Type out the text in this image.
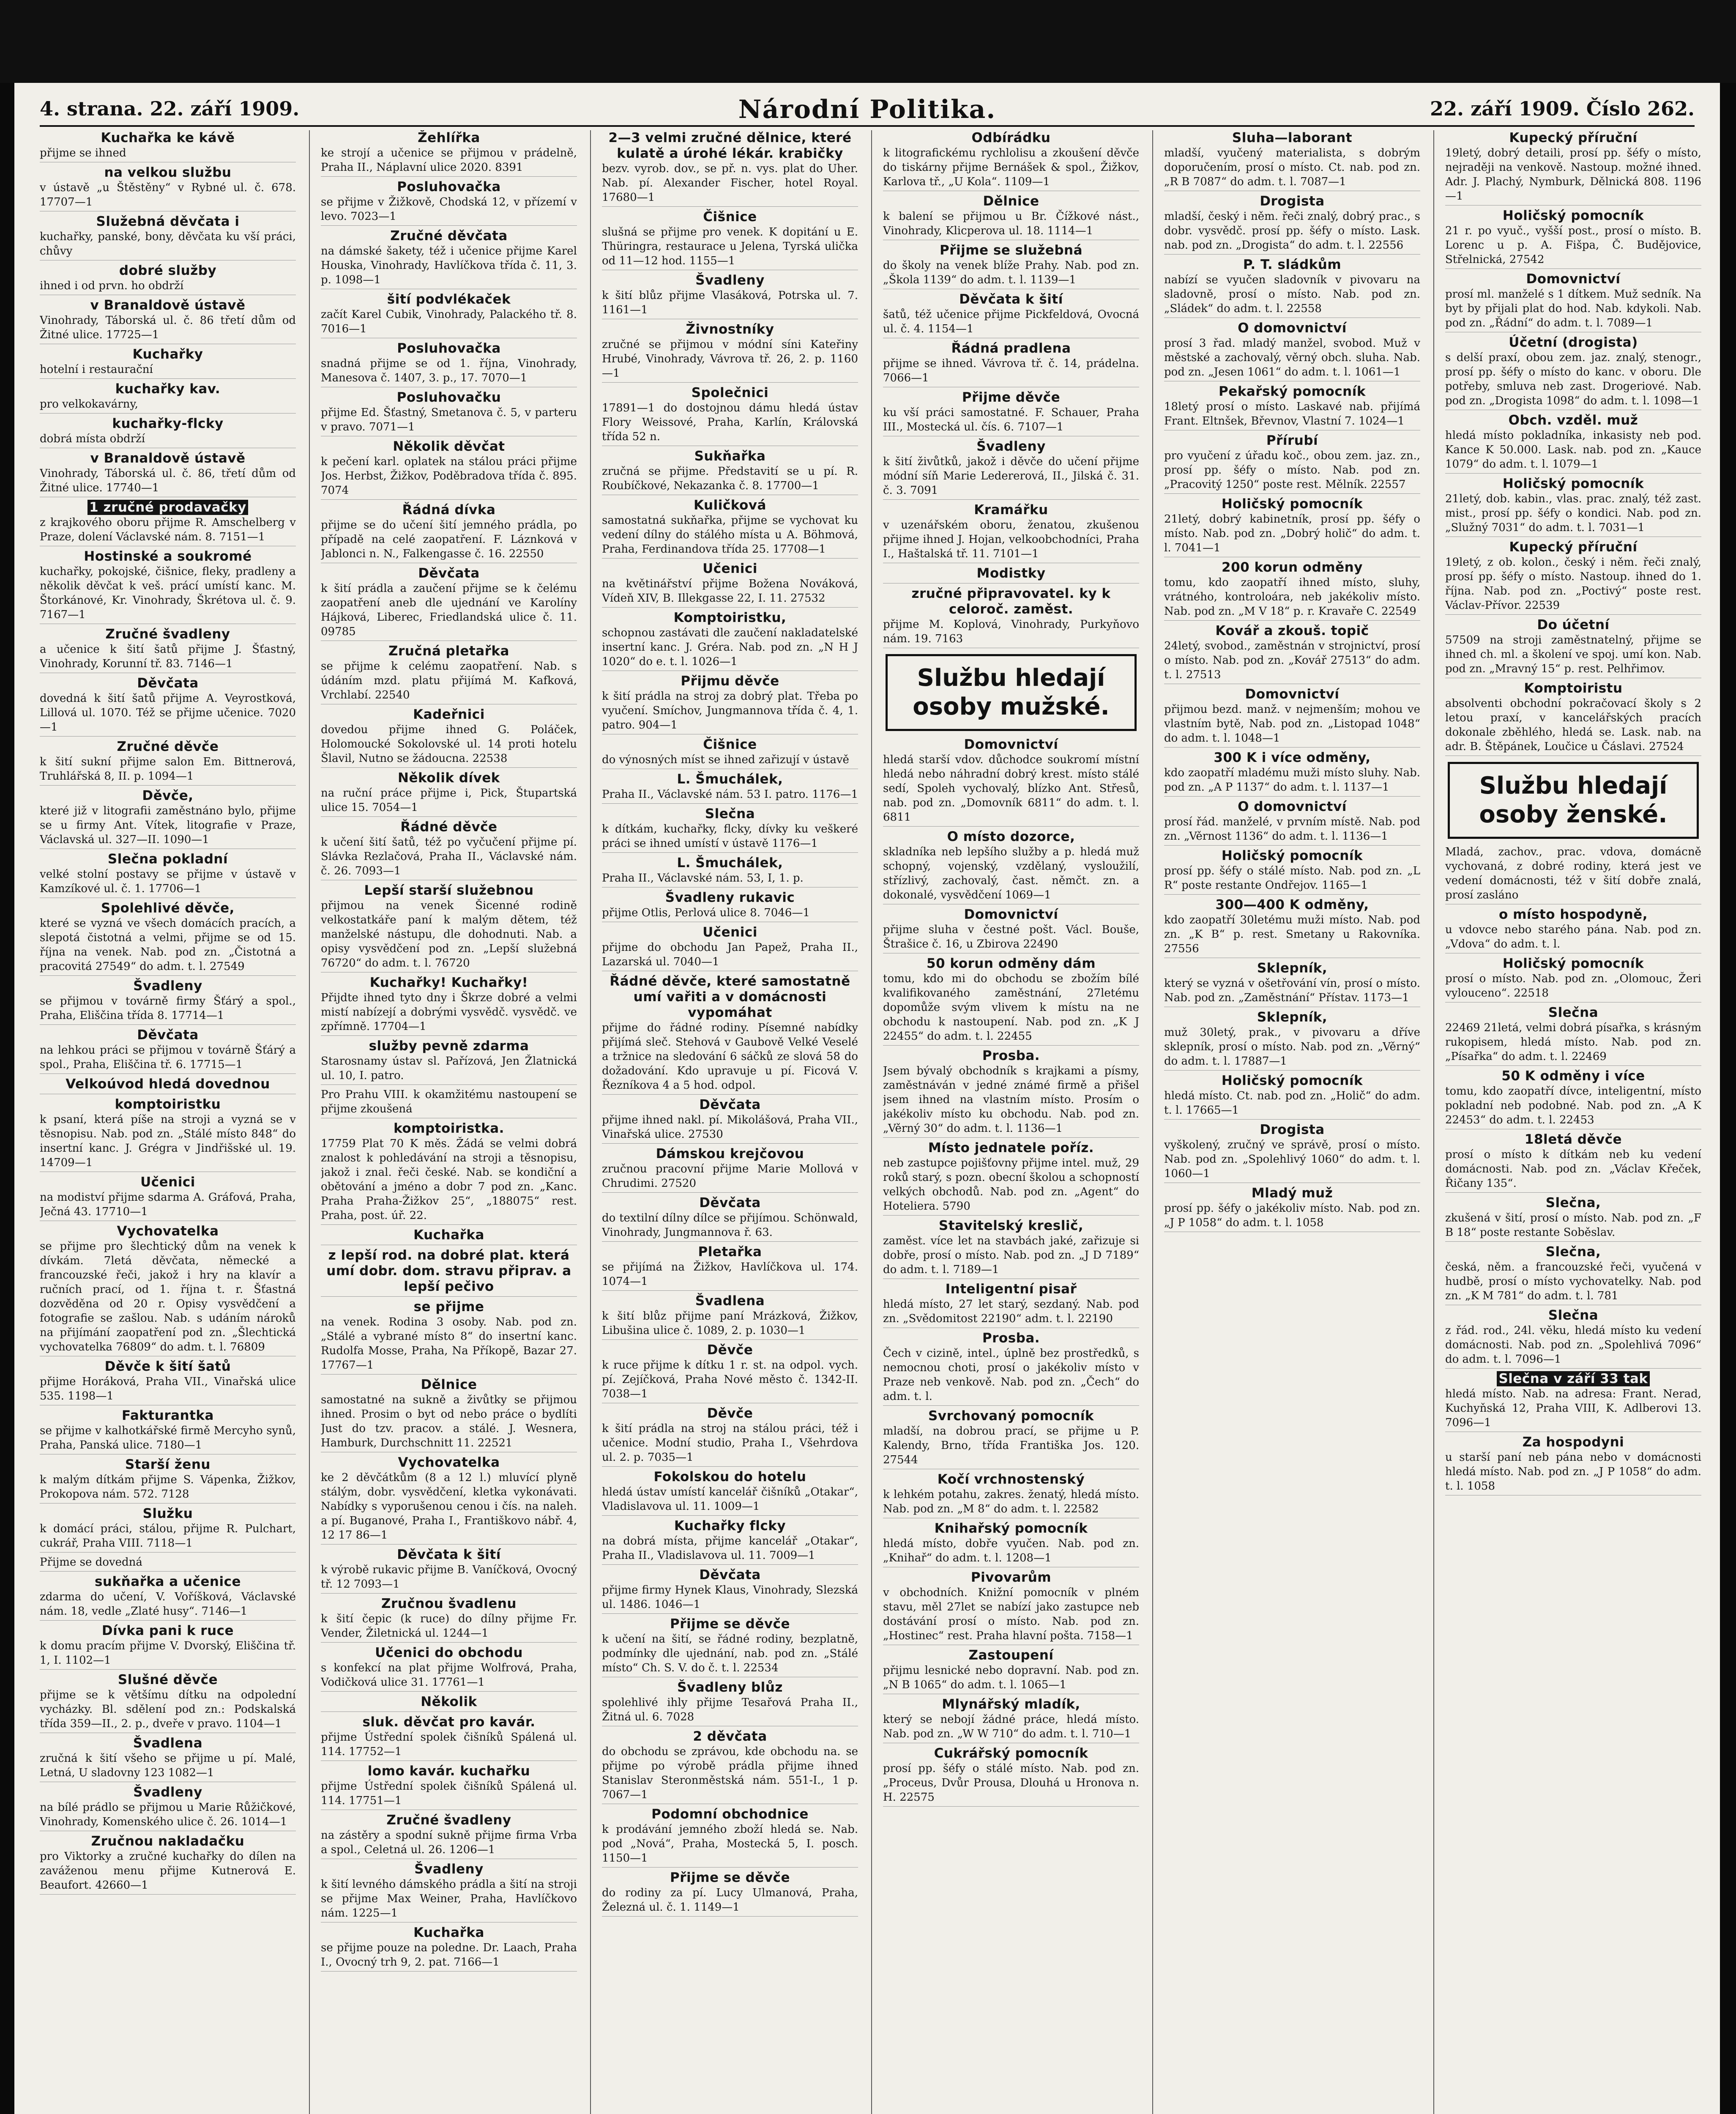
4. strana. 22. září 1909.	Národní Politika.	22. září 1909. Číslo 262.
Kuchařka ke kávě

přijme se ihned

na velkou službu

v ústavě „u Štěstěny“ v Rybné ul. č. 678. 17707—1

Služebná děvčata i

kuchařky, panské, bony, děvčata ku vší práci, chůvy

dobré služby

ihned i od prvn. ho obdrží

v Branaldově ústavě

Vinohrady, Táborská ul. č. 86 třetí dům od Žitné ulice. 17725—1

Kuchařky

hotelní i restaurační

kuchařky kav.

pro velkokavárny,

kuchařky-flcky

dobrá místa obdrží

v Branaldově ústavě

Vinohrady, Táborská ul. č. 86, třetí dům od Žitné ulice. 17740—1

1 zručné prodavačky

z krajkového oboru přijme R. Amschelberg v Praze, dolení Václavské nám. 8. 7151—1

Hostinské a soukromé

kuchařky, pokojské, čišnice, fleky, pradleny a několik děvčat k veš. prácí umístí kanc. M. Štorkánové, Kr. Vinohrady, Škrétova ul. č. 9. 7167—1

Zručné švadleny

a učenice k šití šatů přijme J. Šťastný, Vinohrady, Korunní tř. 83. 7146—1

Děvčata

dovedná k šití šatů přijme A. Veyrostková, Lillová ul. 1070. Též se přijme učenice. 7020—1

Zručné děvče

k šití sukní přijme salon Em. Bittnerová, Truhlářská 8, II. p. 1094—1

Děvče,

které již v litografii zaměstnáno bylo, přijme se u firmy Ant. Vítek, litografie v Praze, Václavská ul. 327—II. 1090—1

Slečna pokladní

velké stolní postavy se přijme v ústavě v Kamzíkové ul. č. 1. 17706—1

Spolehlivé děvče,

které se vyzná ve všech domácích pracích, a slepotá čistotná a velmi, přijme se od 15. října na venek. Nab. pod zn. „Čistotná a pracovitá 27549“ do adm. t. l. 27549

Švadleny

se přijmou v továrně firmy Šťárý a spol., Praha, Eliščina třída 8. 17714—1

Děvčata

na lehkou práci se přijmou v továrně Šťárý a spol., Praha, Eliščina tř. 6. 17715—1

Velkoúvod hledá dovednou
komptoiristku

k psaní, která píše na stroji a vyzná se v těsnopisu. Nab. pod zn. „Stálé místo 848“ do insertní kanc. J. Grégra v Jindřišské ul. 19. 14709—1

Učenici

na modiství přijme sdarma A. Gráfová, Praha, Ječná 43. 17710—1

Vychovatelka

se přijme pro šlechtický dům na venek k dívkám. 7letá děvčata, německé a francouzské řeči, jakož i hry na klavír a ručních prací, od 1. října t. r. Šťastná dozvěděna od 20 r. Opisy vysvědčení a fotografie se zašlou. Nab. s udáním nároků na přijímání zaopatření pod zn. „Šlechtická vychovatelka 76809“ do adm. t. l. 76809

Děvče k šití šatů

přijme Horáková, Praha VII., Vinařská ulice 535. 1198—1

Fakturantka

se přijme v kalhotkářské firmě Mercyho synů, Praha, Panská ulice. 7180—1

Starší ženu

k malým dítkám přijme S. Vápenka, Žižkov, Prokopova nám. 572. 7128

Služku

k domácí práci, stálou, přijme R. Pulchart, cukrář, Praha VIII. 7118—1

Přijme se dovedná

sukňařka a učenice

zdarma do učení, V. Voříšková, Václavské nám. 18, vedle „Zlaté husy“. 7146—1

Dívka pani k ruce

k domu pracím přijme V. Dvorský, Eliščina tř. 1, I. 1102—1

Slušné děvče

přijme se k většímu dítku na odpolední vycházky. Bl. sdělení pod zn.: Podskalská třída 359—II., 2. p., dveře v pravo. 1104—1

Švadlena

zručná k šití všeho se přijme u pí. Malé, Letná, U sladovny 123 1082—1

Švadleny

na bílé prádlo se přijmou u Marie Růžičkové, Vinohrady, Komenského ulice č. 26. 1014—1

Zručnou nakladačku

pro Viktorky a zručné kuchařky do dílen na zaváženou menu přijme Kutnerová E. Beaufort. 42660—1

Žehlířka

ke strojí a učenice se přijmou v prádelně, Praha II., Náplavní ulice 2020. 8391

Posluhovačka

se přijme v Žižkově, Chodská 12, v přízemí v levo. 7023—1

Zručné děvčata

na dámské šakety, též i učenice přijme Karel Houska, Vinohrady, Havlíčkova třída č. 11, 3. p. 1098—1

šití podvlékaček

začít Karel Cubik, Vinohrady, Palackého tř. 8. 7016—1

Posluhovačka

snadná přijme se od 1. října, Vinohrady, Manesova č. 1407, 3. p., 17. 7070—1

Posluhovačku

přijme Ed. Šťastný, Smetanova č. 5, v parteru v pravo. 7071—1

Několik děvčat

k pečení karl. oplatek na stálou práci přijme Jos. Herbst, Žižkov, Poděbradova třída č. 895. 7074

Řádná dívka

přijme se do učení šití jemného prádla, po případě na celé zaopatření. F. Láznková v Jablonci n. N., Falkengasse č. 16. 22550

Děvčata

k šití prádla a zaučení přijme se k čelému zaopatření aneb dle ujednání ve Karolíny Hájková, Liberec, Friedlandská ulice č. 11. 09785

Zručná pletařka

se přijme k celému zaopatření. Nab. s údáním mzd. platu přijímá M. Kafková, Vrchlabí. 22540

Kadeřnici

dovedou přijme ihned G. Poláček, Holomoucké Sokolovské ul. 14 proti hotelu Šlavil, Nutno se žádoucna. 22538

Několik dívek

na ruční práce přijme i, Pick, Štupartská ulice 15. 7054—1

Řádné děvče

k učení šití šatů, též po vyčučení přijme pí. Slávka Rezlačová, Praha II., Václavské nám. č. 26. 7093—1

Lepší starší služebnou

přijmou na venek Šicenné rodině velkostatkáře paní k malým dětem, též manželské nástupu, dle dohodnuti. Nab. a opisy vysvědčení pod zn. „Lepší služebná 76720“ do adm. t. l. 76720

Kuchařky! Kuchařky!

Přijdte ihned tyto dny i Škrze dobré a velmi mistí nabízejí a dobrými vysvědč. vysvědč. ve zpřímně. 17704—1

služby pevně zdarma

Starosnamy ústav sl. Pařízová, Jen Žlatnická ul. 10, I. patro.

Pro Prahu VIII. k okamžitému nastoupení se přijme zkoušená

komptoiristka.

17759 Plat 70 K měs. Žádá se velmi dobrá znalost k pohledávání na stroji a těsnopisu, jakož i znal. řeči české. Nab. se kondiční a obětování a jméno a dobr 7 pod zn. „Kanc. Praha Praha-Žižkov 25“, „188075“ rest. Praha, post. úř. 22.

Kuchařka
z lepší rod. na dobré plat. která umí dobr. dom. stravu připrav. a lepší pečivo
se přijme

na venek. Rodina 3 osoby. Nab. pod zn. „Stálé a vybrané místo 8“ do insertní kanc. Rudolfa Mosse, Praha, Na Příkopě, Bazar 27. 17767—1

Dělnice

samostatné na sukně a živůtky se přijmou ihned. Prosim o byt od nebo práce o bydlíti Just do tzv. pracov. a stálé. J. Wesnera, Hamburk, Durchschnitt 11. 22521

Vychovatelka

ke 2 děvčátkům (8 a 12 l.) mluvící plyně stálým, dobr. vysvědčení, kletka vykonávati. Nabídky s vyporušenou cenou i čís. na naleh. a pí. Buganové, Praha I., Františkovo nábř. 4, 12 17 86—1

Děvčata k šití

k výrobě rukavic přijme B. Vaníčková, Ovocný tř. 12 7093—1

Zručnou švadlenu

k šití čepic (k ruce) do dílny přijme Fr. Vender, Žiletnická ul. 1244—1

Učenici do obchodu

s konfekcí na plat přijme Wolfrová, Praha, Vodičková ulice 31. 17761—1

Několik
sluk. děvčat pro kavár.

přijme Ústřední spolek čišníků Spálená ul. 114. 17752—1

lomo kavár. kuchařku

přijme Ústřední spolek čišníků Spálená ul. 114. 17751—1

Zručné švadleny

na zástěry a spodní sukně přijme firma Vrba a spol., Celetná ul. 26. 1206—1

Švadleny

k šití levného dámského prádla a šití na stroji se přijme Max Weiner, Praha, Havlíčkovo nám. 1225—1

Kuchařka

se přijme pouze na poledne. Dr. Laach, Praha I., Ovocný trh 9, 2. pat. 7166—1

2—3 velmi zručné dělnice, které kulatě a úrohé lékár. krabičky

bezv. vyrob. dov., se př. n. vys. plat do Uher. Nab. pí. Alexander Fischer, hotel Royal. 17680—1

Čišnice

slušná se přijme pro venek. K dopitání u E. Thüringra, restaurace u Jelena, Tyrská ulička od 11—12 hod. 1155—1

Švadleny

k šití blůz přijme Vlasáková, Potrska ul. 7. 1161—1

Živnostníky

zručné se přijmou v módní síni Kateřiny Hrubé, Vinohrady, Vávrova tř. 26, 2. p. 1160—1

Společnici

17891—1 do dostojnou dámu hledá ústav Flory Weissové, Praha, Karlín, Královská třída 52 n.

Sukňařka

zručná se přijme. Představití se u pí. R. Roubíčkové, Nekazanka č. 8. 17700—1

Kuličková

samostatná sukňařka, přijme se vychovat ku vedení dílny do stálého místa u A. Böhmová, Praha, Ferdinandova třída 25. 17708—1

Učenici

na květinářství přijme Božena Nováková, Vídeň XIV, B. Illekgasse 22, I. 11. 27532

Komptoiristku,

schopnou zastávati dle zaučení nakladatelské insertní kanc. J. Gréra. Nab. pod zn. „N H J 1020“ do e. t. l. 1026—1

Přijmu děvče

k šití prádla na stroj za dobrý plat. Třeba po vyučení. Smíchov, Jungmannova třída č. 4, 1. patro. 904—1

Čišnice

do výnosných míst se ihned zařizují v ústavě

L. Šmuchálek,

Praha II., Václavské nám. 53 I. patro. 1176—1

Slečna

k dítkám, kuchařky, flcky, dívky ku veškeré práci se ihned umístí v ústavě 1176—1

L. Šmuchálek,

Praha II., Václavské nám. 53, I, 1. p.

Švadleny rukavic

přijme Otlis, Perlová ulice 8. 7046—1

Učenici

přijme do obchodu Jan Papež, Praha II., Lazarská ul. 7040—1

Řádné děvče, které samostatně umí vařiti a v domácnosti vypomáhat

přijme do řádné rodiny. Písemné nabídky přijímá sleč. Stehová v Gaubově Velké Veselé a tržnice na sledování 6 sáčků ze slová 58 do dožadování. Kdo upravuje u pí. Ficová V. Řezníkova 4 a 5 hod. odpol.

Děvčata

přijme ihned nakl. pí. Mikolášová, Praha VII., Vinařská ulice. 27530

Dámskou krejčovou

zručnou pracovní přijme Marie Mollová v Chrudimi. 27520

Děvčata

do textilní dílny dílce se přijímou. Schönwald, Vinohrady, Jungmannova ř. 63.

Pletařka

se přijímá na Žižkov, Havlíčkova ul. 174. 1074—1

Švadlena

k šití blůz přijme paní Mrázková, Žižkov, Libušina ulice č. 1089, 2. p. 1030—1

Děvče

k ruce přijme k dítku 1 r. st. na odpol. vych. pí. Zejíčková, Praha Nové město č. 1342-II. 7038—1

Děvče

k šití prádla na stroj na stálou práci, též i učenice. Modní studio, Praha I., Všehrdova ul. 2. p. 7035—1

Fokolskou do hotelu

hledá ústav umístí kancelář čišníků „Otakar“, Vladislavova ul. 11. 1009—1

Kuchařky flcky

na dobrá místa, přijme kancelář „Otakar“, Praha II., Vladislavova ul. 11. 7009—1

Děvčata

přijme firmy Hynek Klaus, Vinohrady, Slezská ul. 1486. 1046—1

Přijme se děvče

k učení na šití, se řádné rodiny, bezplatně, podmínky dle ujednání, nab. pod zn. „Stálé místo“ Ch. S. V. do č. t. l. 22534

Švadleny blůz

spolehlivé ihly přijme Tesařová Praha II., Žitná ul. 6. 7028

2 děvčata

do obchodu se zprávou, kde obchodu na. se přijme po výrobě prádla přijme ihned Stanislav Steronměstská nám. 551-I., 1 p. 7067—1

Podomní obchodnice

k prodávání jemného zboží hledá se. Nab. pod „Nová“, Praha, Mostecká 5, I. posch. 1150—1

Přijme se děvče

do rodiny za pí. Lucy Ulmanová, Praha, Železná ul. č. 1. 1149—1

Odbírádku

k litografickému rychlolisu a zkoušení děvče do tiskárny přijme Bernášek & spol., Žižkov, Karlova tř., „U Kola“. 1109—1

Dělnice

k balení se přijmou u Br. Čížkové nást., Vinohrady, Klicperova ul. 18. 1114—1

Přijme se služebná

do školy na venek blíže Prahy. Nab. pod zn. „Škola 1139“ do adm. t. l. 1139—1

Děvčata k šití

šatů, též učenice přijme Pickfeldová, Ovocná ul. č. 4. 1154—1

Řádná pradlena

přijme se ihned. Vávrova tř. č. 14, prádelna. 7066—1

Přijme děvče

ku vší práci samostatné. F. Schauer, Praha III., Mostecká ul. čís. 6. 7107—1

Švadleny

k šití živůtků, jakož i děvče do učení přijme módní síň Marie Ledererová, II., Jilská č. 31. č. 3. 7091

Kramářku

v uzenářském oboru, ženatou, zkušenou přijme ihned J. Hojan, velkoobchodníci, Praha I., Haštalská tř. 11. 7101—1

Modistky
zručné připravovatel. ky k celoroč. zaměst.

přijme M. Koplová, Vinohrady, Purkyňovo nám. 19. 7163

Službu hledají osoby mužské.
Domovnictví

hledá starší vdov. důchodce soukromí místní hledá nebo náhradní dobrý krest. místo stálé sedí, Spoleh vychovalý, blízko Ant. Střesů, nab. pod zn. „Domovník 6811“ do adm. t. l. 6811

O místo dozorce,

skladníka neb lepšího služby a p. hledá muž schopný, vojenský, vzdělaný, vysloužilí, střízlivý, zachovalý, čast. němčt. zn. a dokonalé, vysvědčení 1069—1

Domovnictví

přijme sluha v čestné pošt. Václ. Bouše, Štrašice č. 16, u Zbirova 22490

50 korun odměny dám

tomu, kdo mi do obchodu se zbožím bílé kvalifikovaného zaměstnání, 27letému dopomůže svým vlivem k místu na ne obchodu k nastoupení. Nab. pod zn. „K J 22455“ do adm. t. l. 22455

Prosba.

Jsem bývalý obchodník s krajkami a písmy, zaměstnáván v jedné známé firmě a přišel jsem ihned na vlastním místo. Prosím o jakékoliv místo ku obchodu. Nab. pod zn. „Věrný 30“ do adm. t. l. 1136—1

Místo jednatele poříz.

neb zastupce pojišťovny přijme intel. muž, 29 roků starý, s pozn. obecní školou a schopností velkých obchodů. Nab. pod zn. „Agent“ do Hoteliera. 5790

Stavitelský kreslič,

zaměst. více let na stavbách jaké, zařizuje si dobře, prosí o místo. Nab. pod zn. „J D 7189“ do adm. t. l. 7189—1

Inteligentní pisař

hledá místo, 27 let starý, sezdaný. Nab. pod zn. „Svědomitost 22190“ adm. t. l. 22190

Prosba.

Čech v cizině, intel., úplně bez prostředků, s nemocnou choti, prosí o jakékoliv místo v Praze neb venkově. Nab. pod zn. „Čech“ do adm. t. l.

Svrchovaný pomocník

mladší, na dobrou prací, se přijme u P. Kalendy, Brno, třída Františka Jos. 120. 27544

Kočí vrchnostenský

k lehkém potahu, zakres. ženatý, hledá místo. Nab. pod zn. „M 8“ do adm. t. l. 22582

Knihařský pomocník

hledá místo, dobře vyučen. Nab. pod zn. „Knihař“ do adm. t. l. 1208—1

Pivovarům

v obchodních. Knižní pomocník v plném stavu, měl 27let se nabízí jako zastupce neb dostávání prosí o místo. Nab. pod zn. „Hostinec“ rest. Praha hlavní pošta. 7158—1

Zastoupení

přijmu lesnické nebo dopravní. Nab. pod zn. „N B 1065“ do adm. t. l. 1065—1

Mlynářský mladík,

který se nebojí žádné práce, hledá místo. Nab. pod zn. „W W 710“ do adm. t. l. 710—1

Cukrářský pomocník

prosí pp. šéfy o stálé místo. Nab. pod zn. „Proceus, Dvůr Prousa, Dlouhá u Hronova n. H. 22575

Sluha—laborant

mladší, vyučený materialista, s dobrým doporučením, prosí o místo. Ct. nab. pod zn. „R B 7087“ do adm. t. l. 7087—1

Drogista

mladší, český i něm. řeči znalý, dobrý prac., s dobr. vysvědč. prosí pp. šéfy o místo. Lask. nab. pod zn. „Drogista“ do adm. t. l. 22556

P. T. sládkům

nabízí se vyučen sladovník v pivovaru na sladovně, prosí o místo. Nab. pod zn. „Sládek“ do adm. t. l. 22558

O domovnictví

prosí 3 řad. mladý manžel, svobod. Muž v městské a zachovalý, věrný obch. sluha. Nab. pod zn. „Jesen 1061“ do adm. t. l. 1061—1

Pekařský pomocník

18letý prosí o místo. Laskavé nab. přijímá Frant. Eltnšek, Břevnov, Vlastní 7. 1024—1

Přírubí

pro vyučení z úřadu koč., obou zem. jaz. zn., prosí pp. šéfy o místo. Nab. pod zn. „Pracovitý 1250“ poste rest. Mělník. 22557

Holičský pomocník

21letý, dobrý kabinetník, prosí pp. šéfy o místo. Nab. pod zn. „Dobrý holič“ do adm. t. l. 7041—1

200 korun odměny

tomu, kdo zaopatří ihned místo, sluhy, vrátného, kontroloára, neb jakékoliv místo. Nab. pod zn. „M V 18“ p. r. Kravaře C. 22549

Kovář a zkouš. topič

24letý, svobod., zaměstnán v strojnictví, prosí o místo. Nab. pod zn. „Kovář 27513“ do adm. t. l. 27513

Domovnictví

přijmou bezd. manž. v nejmenším; mohou ve vlastním bytě, Nab. pod zn. „Listopad 1048“ do adm. t. l. 1048—1

300 K i více odměny,

kdo zaopatří mladému muži místo sluhy. Nab. pod zn. „A P 1137“ do adm. t. l. 1137—1

O domovnictví

prosí řád. manželé, v prvním místě. Nab. pod zn. „Věrnost 1136“ do adm. t. l. 1136—1

Holičský pomocník

prosí pp. šéfy o stálé místo. Nab. pod zn. „L R“ poste restante Ondřejov. 1165—1

300—400 K odměny,

kdo zaopatří 30letému muži místo. Nab. pod zn. „K B“ p. rest. Smetany u Rakovníka. 27556

Sklepník,

který se vyzná v ošetřování vín, prosí o místo. Nab. pod zn. „Zaměstnání“ Přístav. 1173—1

Sklepník,

muž 30letý, prak., v pivovaru a dříve sklepník, prosí o místo. Nab. pod zn. „Věrný“ do adm. t. l. 17887—1

Holičský pomocník

hledá místo. Ct. nab. pod zn. „Holič“ do adm. t. l. 17665—1

Drogista

vyškolený, zručný ve správě, prosí o místo. Nab. pod zn. „Spolehlivý 1060“ do adm. t. l. 1060—1

Mladý muž

prosí pp. šéfy o jakékoliv místo. Nab. pod zn. „J P 1058“ do adm. t. l. 1058

Kupecký příruční

19letý, dobrý detaili, prosí pp. šéfy o místo, nejraději na venkově. Nastoup. možné ihned. Adr. J. Plachý, Nymburk, Dělnická 808. 1196—1

Holičský pomocník

21 r. po vyuč., vyšší post., prosí o místo. B. Lorenc u p. A. Fišpa, Č. Budějovice, Střelnická, 27542

Domovnictví

prosí ml. manželé s 1 dítkem. Muž sedník. Na byt by přijali plat do hod. Nab. kdykoli. Nab. pod zn. „Řádní“ do adm. t. l. 7089—1

Účetní (drogista)

s delší praxí, obou zem. jaz. znalý, stenogr., prosí pp. šéfy o místo do kanc. v oboru. Dle potřeby, smluva neb zast. Drogeriové. Nab. pod zn. „Drogista 1098“ do adm. t. l. 1098—1

Obch. vzděl. muž

hledá místo pokladníka, inkasisty neb pod. Kance K 50.000. Lask. nab. pod zn. „Kauce 1079“ do adm. t. l. 1079—1

Holičský pomocník

21letý, dob. kabin., vlas. prac. znalý, též zast. mist., prosí pp. šéfy o kondici. Nab. pod zn. „Služný 7031“ do adm. t. l. 7031—1

Kupecký příruční

19letý, z ob. kolon., český i něm. řeči znalý, prosí pp. šéfy o místo. Nastoup. ihned do 1. října. Nab. pod zn. „Poctivý“ poste rest. Václav-Přívor. 22539

Do účetní

57509 na stroji zaměstnatelný, přijme se ihned ch. ml. a školení ve spoj. umí kon. Nab. pod zn. „Mravný 15“ p. rest. Pelhřimov.

Komptoiristu

absolventi obchodní pokračovací školy s 2 letou praxí, v kancelářských pracích dokonale zběhlého, hledá se. Lask. nab. na adr. B. Štěpánek, Loučice u Čáslavi. 27524

Službu hledají osoby ženské.

Mladá, zachov., prac. vdova, domácně vychovaná, z dobré rodiny, která jest ve vedení domácnosti, též v šití dobře znalá, prosí zasláno

o místo hospodyně,

u vdovce nebo starého pána. Nab. pod zn. „Vdova“ do adm. t. l.

Holičský pomocník

prosí o místo. Nab. pod zn. „Olomouc, Žeri vylouceno“. 22518

Slečna

22469 21letá, velmi dobrá písařka, s krásným rukopisem, hledá místo. Nab. pod zn. „Písařka“ do adm. t. l. 22469

50 K odměny i více

tomu, kdo zaopatří dívce, inteligentní, místo pokladní neb podobné. Nab. pod zn. „A K 22453“ do adm. t. l. 22453

18letá děvče

prosí o místo k dítkám neb ku vedení domácnosti. Nab. pod zn. „Václav Křeček, Řičany 135“.

Slečna,

zkušená v šití, prosí o místo. Nab. pod zn. „F B 18“ poste restante Soběslav.

Slečna,

česká, něm. a francouzské řeči, vyučená v hudbě, prosí o místo vychovatelky. Nab. pod zn. „K M 781“ do adm. t. l. 781

Slečna

z řád. rod., 24l. věku, hledá místo ku vedení domácnosti. Nab. pod zn. „Spolehlivá 7096“ do adm. t. l. 7096—1

Slečna v září 33 tak

hledá místo. Nab. na adresa: Frant. Nerad, Kuchyňská 12, Praha VIII, K. Adlberovi 13. 7096—1

Za hospodyni

u starší paní neb pána nebo v domácnosti hledá místo. Nab. pod zn. „J P 1058“ do adm. t. l. 1058
